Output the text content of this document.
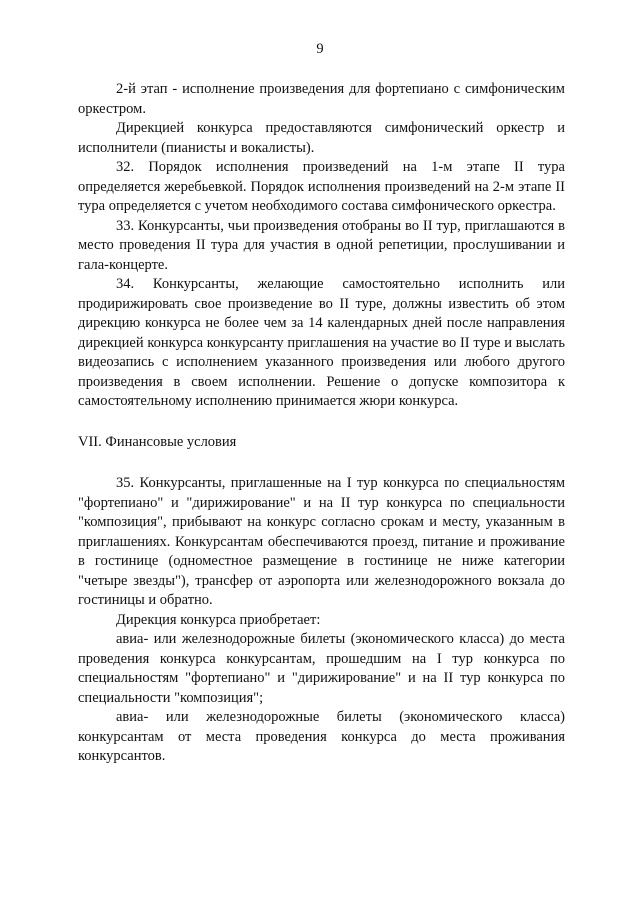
9

2-й этап - исполнение произведения для фортепиано с симфоническим оркестром.

Дирекцией конкурса предоставляются симфонический оркестр и исполнители (пианисты и вокалисты).

32. Порядок исполнения произведений на 1-м этапе II тура определяется жеребьевкой. Порядок исполнения произведений на 2-м этапе II тура определяется с учетом необходимого состава симфонического оркестра.

33. Конкурсанты, чьи произведения отобраны во II тур, приглашаются в место проведения II тура для участия в одной репетиции, прослушивании и гала-концерте.

34. Конкурсанты, желающие самостоятельно исполнить или продирижировать свое произведение во II туре, должны известить об этом дирекцию конкурса не более чем за 14 календарных дней после направления дирекцией конкурса конкурсанту приглашения на участие во II туре и выслать видеозапись с исполнением указанного произведения или любого другого произведения в своем исполнении. Решение о допуске композитора к самостоятельному исполнению принимается жюри конкурса.

VII. Финансовые условия

35. Конкурсанты, приглашенные на I тур конкурса по специальностям "фортепиано" и "дирижирование" и на II тур конкурса по специальности "композиция", прибывают на конкурс согласно срокам и месту, указанным в приглашениях. Конкурсантам обеспечиваются проезд, питание и проживание в гостинице (одноместное размещение в гостинице не ниже категории "четыре звезды"), трансфер от аэропорта или железнодорожного вокзала до гостиницы и обратно.

Дирекция конкурса приобретает:

авиа- или железнодорожные билеты (экономического класса) до места проведения конкурса конкурсантам, прошедшим на I тур конкурса по специальностям "фортепиано" и "дирижирование" и на II тур конкурса по специальности "композиция";

авиа- или железнодорожные билеты (экономического класса) конкурсантам от места проведения конкурса до места проживания конкурсантов.
